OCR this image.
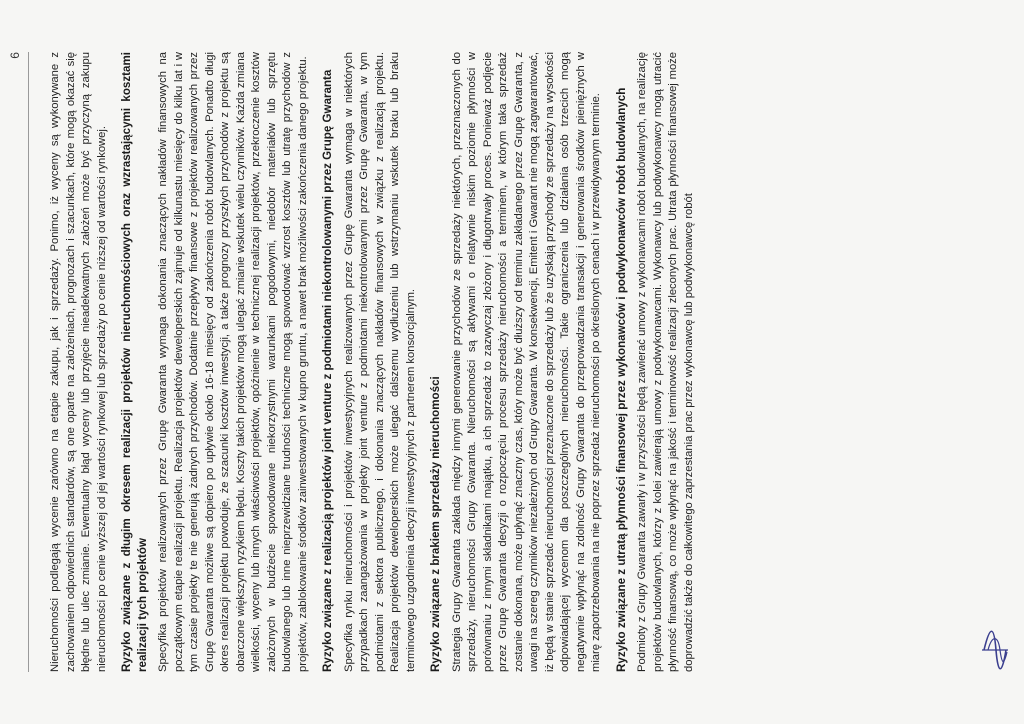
6 Nieruchomości podlegają wycenie zarówno na etapie zakupu, jak i sprzedaży. Ponimo, iż wyceny są wykonywane z zachowaniem odpowiednich standardów, są one oparte na założeniach, prognozach i szacunkach, które mogą okazać się błędne lub ulec zmianie. Ewentualny błąd wyceny lub przyjęcie nieadekwatnych założeń może być przyczyną zakupu nieruchomości po cenie wyższej od jej wartości rynkowej lub sprzedaży po cenie niższej od wartości rynkowej. Ryzyko związane z długim okresem realizacji projektów nieruchomościowych oraz wzrastającymi kosztami realizacji tych projektów Specyfika projektów realizowanych przez Grupę Gwaranta wymaga dokonania znaczących nakładów finansowych na początkowym etapie realizacji projektu. Realizacja projektów deweloperskich zajmuje od kilkunastu miesięcy do kilku lat i w tym czasie projekty te nie generują żadnych przychodów. Dodatnie przepływy finansowe z projektów realizowanych przez Grupę Gwaranta możliwe są dopiero po upływie około 16-18 miesięcy od zakończenia robót budowlanych. Ponadto długi okres realizacji projektu powoduje, że szacunki kosztów inwestycji, a także prognozy przyszłych przychodów z projektu są obarczone większym ryzykiem błędu. Koszty takich projektów mogą ulegać zmianie wskutek wielu czynników. Każda zmiana wielkości, wyceny lub innych właściwości projektów, opóźnienie w technicznej realizacji projektów, przekroczenie kosztów założonych w budżecie spowodowane niekorzystnymi warunkami pogodowymi, niedobór materiałów lub sprzętu budowlanego lub inne nieprzewidziane trudności techniczne mogą spowodować wzrost kosztów lub utratę przychodów z projektów, zablokowanie środków zainwestowanych w kupno gruntu, a nawet brak możliwości zakończenia danego projektu. Ryzyko związane z realizacją projektów joint venture z podmiotami niekontrolowanymi przez Grupę Gwaranta Specyfika rynku nieruchomości i projektów inwestycyjnych realizowanych przez Grupę Gwaranta wymaga w niektórych przypadkach zaangażowania w projekty joint venture z podmiotami niekontrolowanymi przez Grupę Gwaranta, w tym podmiotami z sektora publicznego, i dokonania znaczących nakładów finansowych w związku z realizacją projektu. Realizacja projektów deweloperskich może ulegać dalszemu wydłużeniu lub wstrzymaniu wskutek braku lub braku terminowego uzgodnienia decyzji inwestycyjnych z partnerem konsorcjalnym. Ryzyko związane z brakiem sprzedaży nieruchomości Strategia Grupy Gwaranta zakłada między innymi generowanie przychodów ze sprzedaży niektórych, przeznaczonych do sprzedaży, nieruchomości Grupy Gwaranta. Nieruchomości są aktywami o relatywnie niskim poziomie płynności w porównaniu z innymi składnikami majątku, a ich sprzedaż to zazwyczaj złożony i długotrwały proces. Ponieważ podjęcie przez Grupę Gwaranta decyzji o rozpoczęciu procesu sprzedaży nieruchomości a terminem, w którym taka sprzedaż zostanie dokonana, może upłynąć znaczny czas, który może być dłuższy od terminu zakładanego przez Grupę Gwaranta, z uwagi na szereg czynników niezależnych od Grupy Gwaranta. W konsekwencji, Emitent i Gwarant nie mogą zagwarantować, iż będą w stanie sprzedać nieruchomości przeznaczone do sprzedaży lub że uzyskają przychody ze sprzedaży na wysokości odpowiadającej wycenom dla poszczególnych nieruchomości. Takie ograniczenia lub działania osób trzecich mogą negatywnie wpłynąć na zdolność Grupy Gwaranta do przeprowadzania transakcji i generowania środków pieniężnych w miarę zapotrzebowania na nie poprzez sprzedaż nieruchomości po określonych cenach i w przewidywanym terminie. Ryzyko związane z utratą płynności finansowej przez wykonawców i podwykonawców robót budowlanych Podmioty z Grupy Gwaranta zawarły i w przyszłości będą zawierać umowy z wykonawcami robót budowlanych, na realizację projektów budowlanych, którzy z kolei zawierają umowy z podwykonawcami. Wykonawcy lub podwykonawcy mogą utracić płynność finansową, co może wpłynąć na jakość i terminowość realizacji zleconych prac. Utrata płynności finansowej może doprowadzić także do całkowitego zaprzestania prac przez wykonawcę lub podwykonawcę robót
